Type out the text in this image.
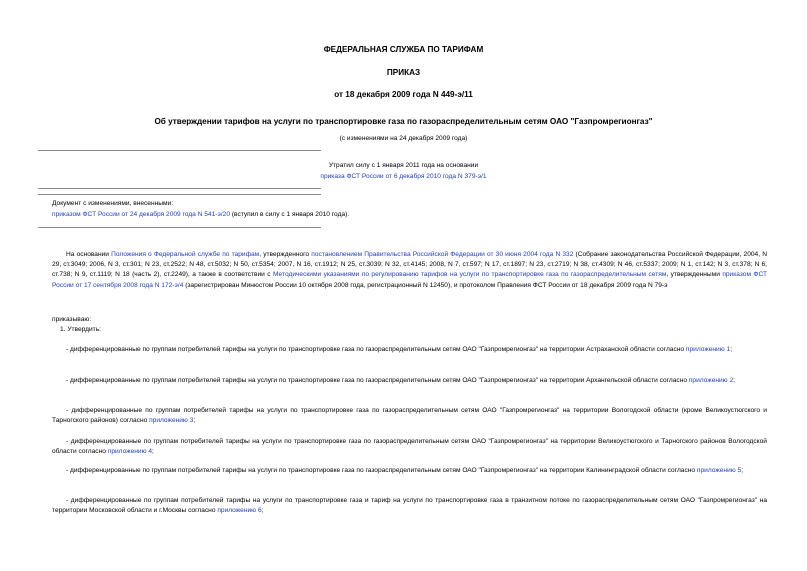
ФЕДЕРАЛЬНАЯ СЛУЖБА ПО ТАРИФАМ
ПРИКАЗ
от 18 декабря 2009 года N 449-э/11
Об утверждении тарифов на услуги по транспортировке газа по газораспределительным сетям ОАО "Газпромрегионгаз"
(с изменениями на 24 декабря 2009 года)
Утратил силу с 1 января 2011 года на основании
приказа ФСТ России от 6 декабря 2010 года N 379-э/1
Документ с изменениями, внесенными:
приказом ФСТ России от 24 декабря 2009 года N 541-э/20 (вступил в силу с 1 января 2010 года).
На основании Положения о Федеральной службе по тарифам, утвержденного постановлением Правительства Российской Федерации от 30 июня 2004 года N 332 (Собрание законодательства Российской Федерации, 2004, N 29, ст.3049; 2006, N 3, ст.301; N 23, ст.2522; N 48, ст.5032; N 50, ст.5354; 2007, N 16, ст.1912; N 25, ст.3039; N 32, ст.4145; 2008, N 7, ст.597; N 17, ст.1897; N 23, ст.2719; N 38, ст.4309; N 46, ст.5337; 2009; N 1, ст.142; N 3, ст.378; N 6, ст.738; N 9, ст.1119; N 18 (часть 2), ст.2249), а также в соответствии с Методическими указаниями по регулированию тарифов на услуги по транспортировке газа по газораспределительным сетям, утвержденными приказом ФСТ России от 17 сентября 2008 года N 172-э/4 (зарегистрирован Минюстом России 10 октября 2008 года, регистрационный N 12450), и протоколом Правления ФСТ России от 18 декабря 2009 года N 79-э
приказываю:
1. Утвердить:
- дифференцированные по группам потребителей тарифы на услуги по транспортировке газа по газораспределительным сетям ОАО "Газпромрегионгаз" на территории Астраханской области согласно приложению 1;
- дифференцированные по группам потребителей тарифы на услуги по транспортировке газа по газораспределительным сетям ОАО "Газпромрегионгаз" на территории Архангельской области согласно приложению 2;
- дифференцированные по группам потребителей тарифы на услуги по транспортировке газа по газораспределительным сетям ОАО "Газпромрегионгаз" на территории Вологодской области (кроме Великоустюгского и Тарногского районов) согласно приложению 3;
- дифференцированные по группам потребителей тарифы на услуги по транспортировке газа по газораспределительным сетям ОАО "Газпромрегионгаз" на территории Великоустюгского и Тарногского районов Вологодской области согласно приложению 4;
- дифференцированные по группам потребителей тарифы на услуги по транспортировке газа по газораспределительным сетям ОАО "Газпромрегионгаз" на территории Калининградской области согласно приложению 5;
- дифференцированные по группам потребителей тарифы на услуги по транспортировке газа и тариф на услуги по транспортировке газа в транзитном потоке по газораспределительным сетям ОАО "Газпромрегионгаз" на территории Московской области и г.Москвы согласно приложению 6;
